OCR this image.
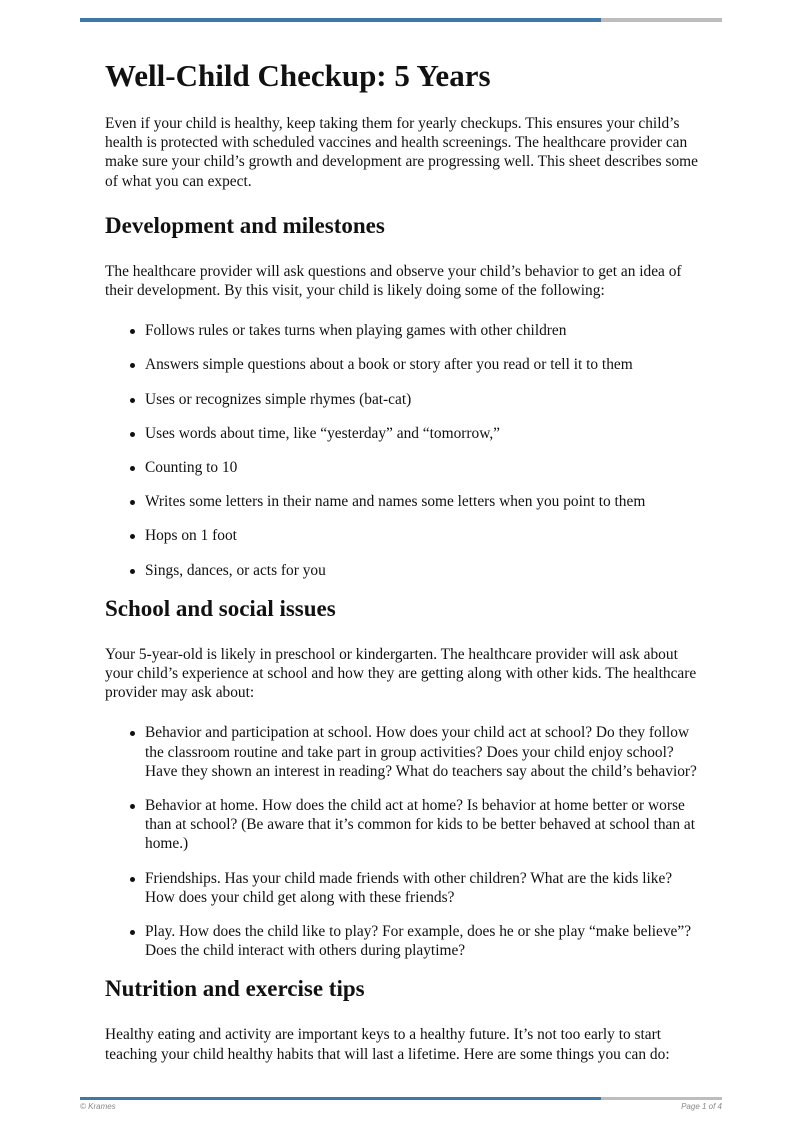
Well-Child Checkup: 5 Years

Even if your child is healthy, keep taking them for yearly checkups. This ensures your child’s health is protected with scheduled vaccines and health screenings. The healthcare provider can make sure your child’s growth and development are progressing well. This sheet describes some of what you can expect.

Development and milestones

The healthcare provider will ask questions and observe your child’s behavior to get an idea of their development. By this visit, your child is likely doing some of the following:

Follows rules or takes turns when playing games with other children
Answers simple questions about a book or story after you read or tell it to them
Uses or recognizes simple rhymes (bat-cat)
Uses words about time, like “yesterday” and “tomorrow,”
Counting to 10
Writes some letters in their name and names some letters when you point to them
Hops on 1 foot
Sings, dances, or acts for you
School and social issues

Your 5-year-old is likely in preschool or kindergarten. The healthcare provider will ask about your child’s experience at school and how they are getting along with other kids. The healthcare provider may ask about:

Behavior and participation at school. How does your child act at school? Do they follow the classroom routine and take part in group activities? Does your child enjoy school? Have they shown an interest in reading? What do teachers say about the child’s behavior?
Behavior at home. How does the child act at home? Is behavior at home better or worse than at school? (Be aware that it’s common for kids to be better behaved at school than at home.)
Friendships. Has your child made friends with other children? What are the kids like? How does your child get along with these friends?
Play. How does the child like to play? For example, does he or she play “make believe”? Does the child interact with others during playtime?
Nutrition and exercise tips

Healthy eating and activity are important keys to a healthy future. It’s not too early to start teaching your child healthy habits that will last a lifetime. Here are some things you can do:

© Krames	Page 1 of 4
